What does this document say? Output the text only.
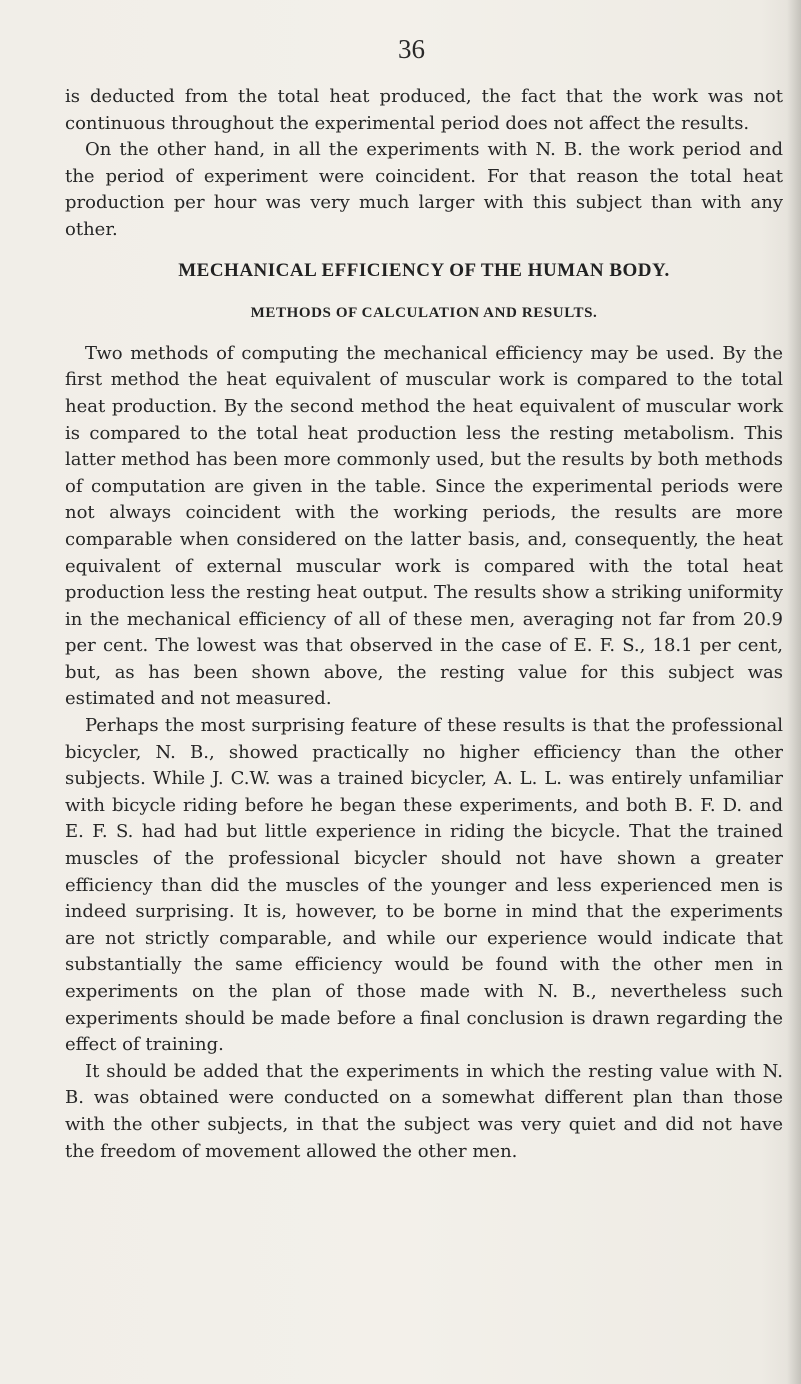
36

is deducted from the total heat produced, the fact that the work was not continuous throughout the experimental period does not affect the results.

On the other hand, in all the experiments with N. B. the work period and the period of experiment were coincident. For that reason the total heat production per hour was very much larger with this subject than with any other.

MECHANICAL EFFICIENCY OF THE HUMAN BODY.

METHODS OF CALCULATION AND RESULTS.

Two methods of computing the mechanical efficiency may be used. By the first method the heat equivalent of muscular work is compared to the total heat production. By the second method the heat equivalent of muscular work is compared to the total heat production less the resting metabolism. This latter method has been more commonly used, but the results by both methods of computation are given in the table. Since the experimental periods were not always coincident with the working periods, the results are more comparable when considered on the latter basis, and, consequently, the heat equivalent of external muscular work is compared with the total heat production less the resting heat output. The results show a striking uniformity in the mechanical efficiency of all of these men, averaging not far from 20.9 per cent. The lowest was that observed in the case of E. F. S., 18.1 per cent, but, as has been shown above, the resting value for this subject was estimated and not measured.

Perhaps the most surprising feature of these results is that the professional bicycler, N. B., showed practically no higher efficiency than the other subjects. While J. C.W. was a trained bicycler, A. L. L. was entirely unfamiliar with bicycle riding before he began these experiments, and both B. F. D. and E. F. S. had had but little experience in riding the bicycle. That the trained muscles of the professional bicycler should not have shown a greater efficiency than did the muscles of the younger and less experienced men is indeed surprising. It is, however, to be borne in mind that the experiments are not strictly comparable, and while our experience would indicate that substantially the same efficiency would be found with the other men in experiments on the plan of those made with N. B., nevertheless such experiments should be made before a final conclusion is drawn regarding the effect of training.

It should be added that the experiments in which the resting value with N. B. was obtained were conducted on a somewhat different plan than those with the other subjects, in that the subject was very quiet and did not have the freedom of movement allowed the other men.
